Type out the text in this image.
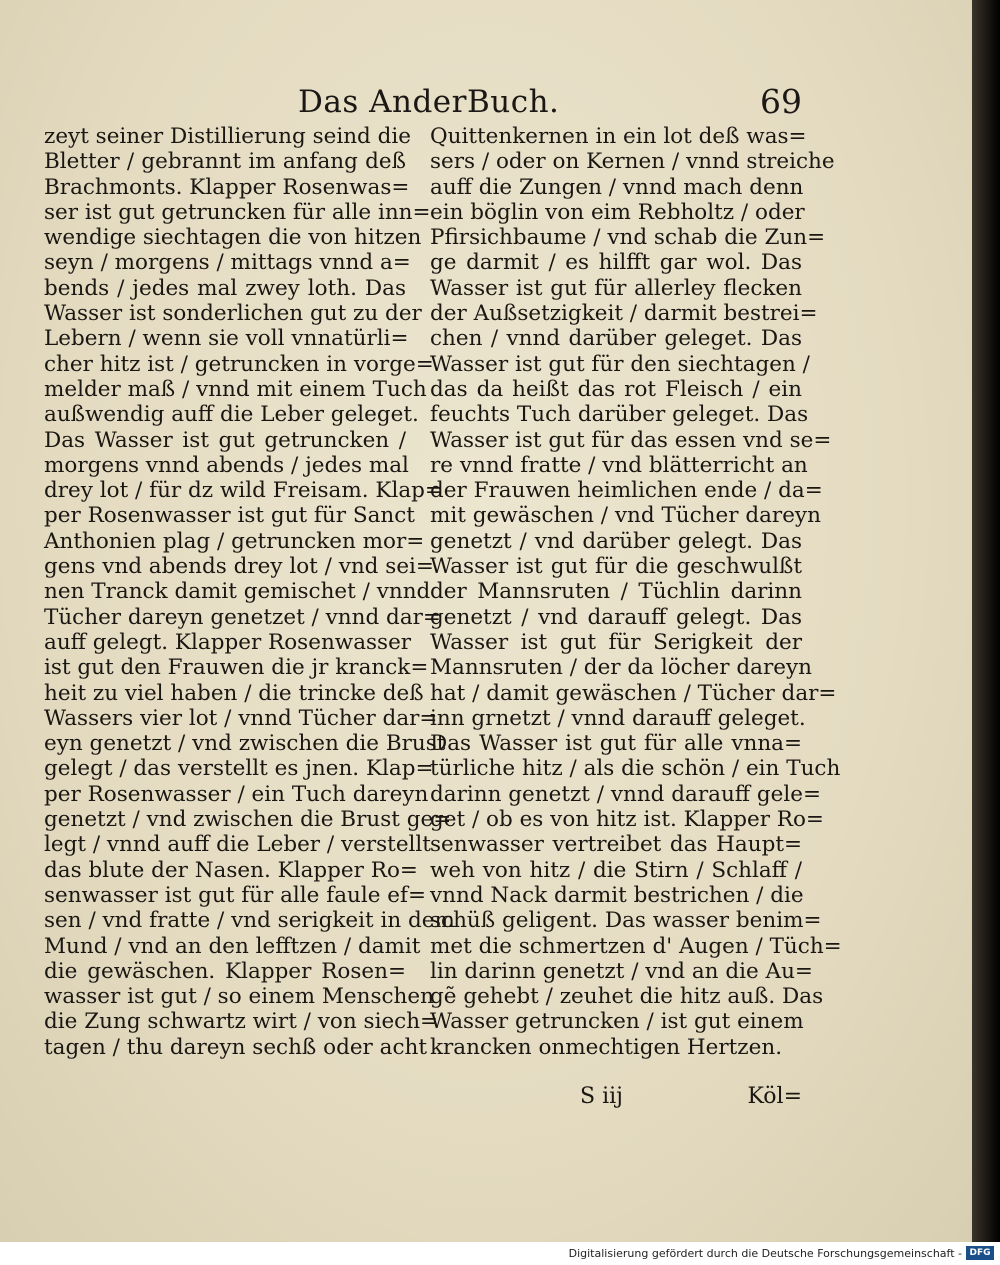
Das AnderBuch.	69
zeyt seiner Distillierung seind die
Bletter / gebrannt im anfang deß
Brachmonts. Klapper Rosenwas=
ser ist gut getruncken für alle inn=
wendige siechtagen die von hitzen
seyn / morgens / mittags vnnd a=
bends / jedes mal zwey loth. Das
Wasser ist sonderlichen gut zu der
Lebern / wenn sie voll vnnatürli=
cher hitz ist / getruncken in vorge=
melder maß / vnnd mit einem Tuch
außwendig auff die Leber geleget.
Das Wasser ist gut getruncken /
morgens vnnd abends / jedes mal
drey lot / für dz wild Freisam. Klap=
per Rosenwasser ist gut für Sanct
Anthonien plag / getruncken mor=
gens vnd abends drey lot / vnd sei=
nen Tranck damit gemischet / vnnd
Tücher dareyn genetzet / vnnd dar=
auff gelegt. Klapper Rosenwasser
ist gut den Frauwen die jr kranck=
heit zu viel haben / die trincke deß
Wassers vier lot / vnnd Tücher dar=
eyn genetzt / vnd zwischen die Brust
gelegt / das verstellt es jnen. Klap=
per Rosenwasser / ein Tuch dareyn
genetzt / vnd zwischen die Brust ge=
legt / vnnd auff die Leber / verstellt
das blute der Nasen. Klapper Ro=
senwasser ist gut für alle faule ef=
sen / vnd fratte / vnd serigkeit in dem
Mund / vnd an den lefftzen / damit
die gewäschen. Klapper Rosen=
wasser ist gut / so einem Menschen
die Zung schwartz wirt / von siech=
tagen / thu dareyn sechß oder acht
Quittenkernen in ein lot deß was=
sers / oder on Kernen / vnnd streiche
auff die Zungen / vnnd mach denn
ein böglin von eim Rebholtz / oder
Pfirsichbaume / vnd schab die Zun=
ge darmit / es hilfft gar wol. Das
Wasser ist gut für allerley flecken
der Außsetzigkeit / darmit bestrei=
chen / vnnd darüber geleget. Das
Wasser ist gut für den siechtagen /
das da heißt das rot Fleisch / ein
feuchts Tuch darüber geleget. Das
Wasser ist gut für das essen vnd se=
re vnnd fratte / vnd blätterricht an
der Frauwen heimlichen ende / da=
mit gewäschen / vnd Tücher dareyn
genetzt / vnd darüber gelegt. Das
Wasser ist gut für die geschwulßt
der Mannsruten / Tüchlin darinn
genetzt / vnd darauff gelegt. Das
Wasser ist gut für Serigkeit der
Mannsruten / der da löcher dareyn
hat / damit gewäschen / Tücher dar=
inn grnetzt / vnnd darauff geleget.
Das Wasser ist gut für alle vnna=
türliche hitz / als die schön / ein Tuch
darinn genetzt / vnnd darauff gele=
get / ob es von hitz ist. Klapper Ro=
senwasser vertreibet das Haupt=
weh von hitz / die Stirn / Schlaff /
vnnd Nack darmit bestrichen / die
schüß geligent. Das wasser benim=
met die schmertzen d' Augen / Tüch=
lin darinn genetzt / vnd an die Au=
gẽ gehebt / zeuhet die hitz auß. Das
Wasser getruncken / ist gut einem
krancken onmechtigen Hertzen.
S iij	Köl=
Digitalisierung gefördert durch die Deutsche Forschungsgemeinschaft - DFG
